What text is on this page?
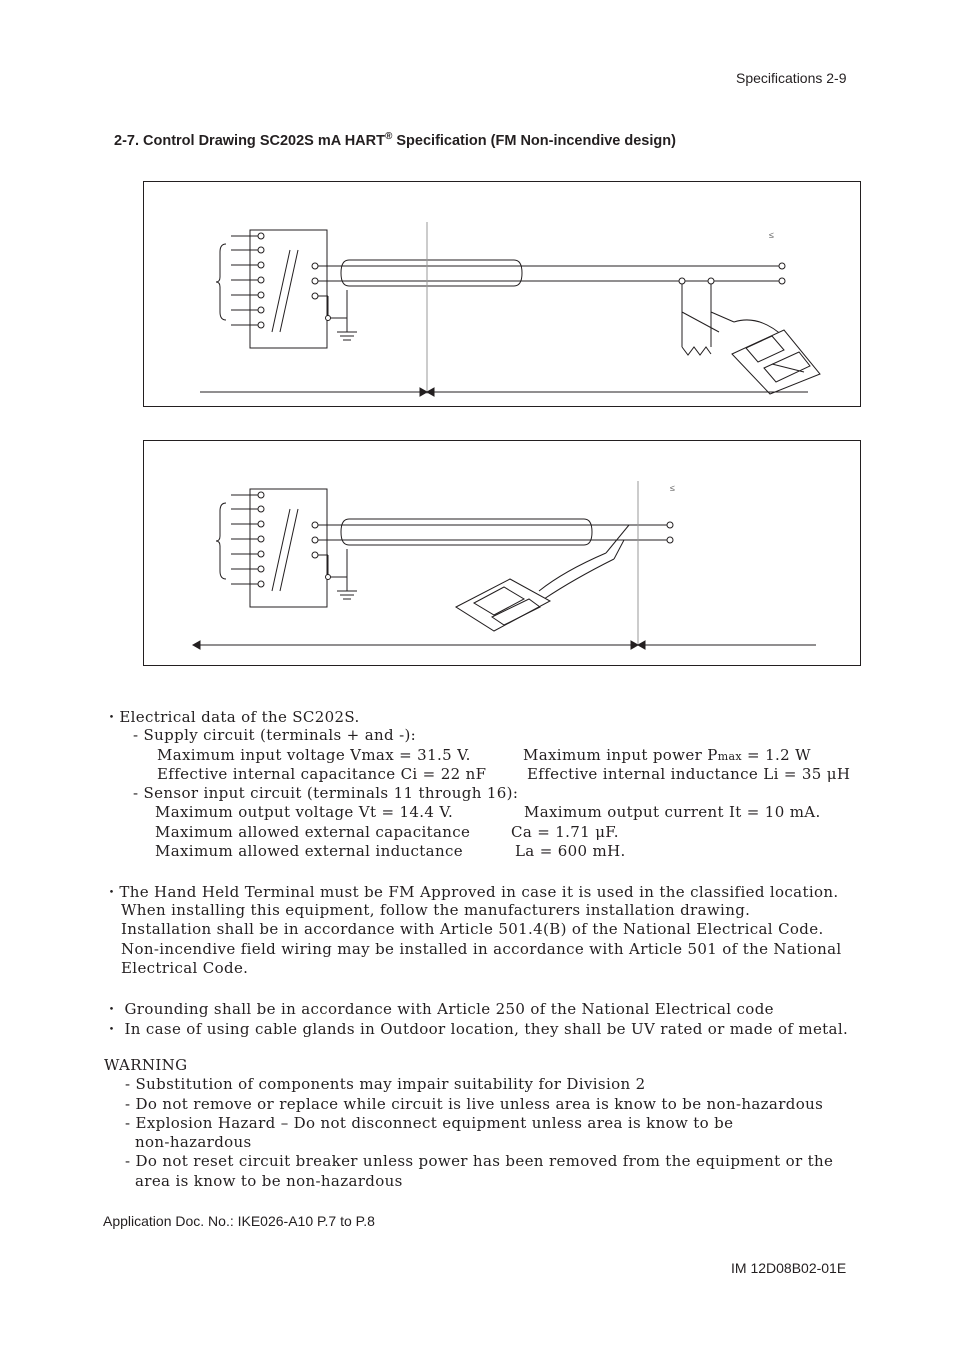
Specifications 2-9
2-7. Control Drawing SC202S mA HART® Specification (FM Non-incendive design)
≤
≤
・Electrical data of the SC202S.
- Supply circuit (terminals + and -):
Maximum input voltage Vmax = 31.5 V.	Maximum input power Pmax = 1.2 W
Effective internal capacitance Ci = 22 nF	Effective internal inductance Li = 35 μH
- Sensor input circuit (terminals 11 through 16):
Maximum output voltage Vt = 14.4 V.	Maximum output current It = 10 mA.
Maximum allowed external capacitance	Ca = 1.71 μF.
Maximum allowed external inductance	La = 600 mH.
・The Hand Held Terminal must be FM Approved in case it is used in the classified location.
When installing this equipment, follow the manufacturers installation drawing.
Installation shall be in accordance with Article 501.4(B) of the National Electrical Code.
Non-incendive field wiring may be installed in accordance with Article 501 of the National
Electrical Code.
・ Grounding shall be in accordance with Article 250 of the National Electrical code
・ In case of using cable glands in Outdoor location, they shall be UV rated or made of metal.
WARNING
- Substitution of components may impair suitability for Division 2
- Do not remove or replace while circuit is live unless area is know to be non-hazardous
- Explosion Hazard – Do not disconnect equipment unless area is know to be
non-hazardous
- Do not reset circuit breaker unless power has been removed from the equipment or the
area is know to be non-hazardous
Application Doc. No.: IKE026-A10 P.7 to P.8
IM 12D08B02-01E
